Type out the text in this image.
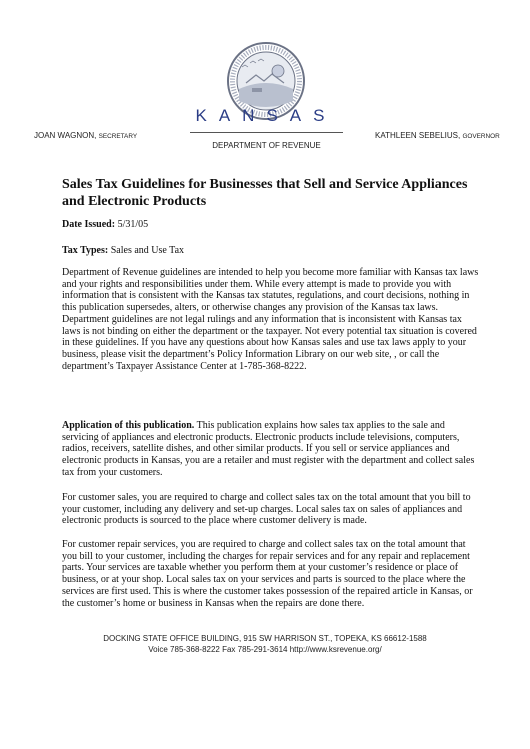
KANSAS
JOAN WAGNON, SECRETARY	KATHLEEN SEBELIUS, GOVERNOR
DEPARTMENT OF REVENUE
Sales Tax Guidelines for Businesses that Sell and Service Appliances and Electronic Products
Date Issued: 5/31/05
Tax Types: Sales and Use Tax

Department of Revenue guidelines are intended to help you become more familiar with Kansas tax laws and your rights and responsibilities under them. While every attempt is made to provide you with information that is consistent with the Kansas tax statutes, regulations, and court decisions, nothing in this publication supersedes, alters, or otherwise changes any provision of the Kansas tax laws. Department guidelines are not legal rulings and any information that is inconsistent with Kansas tax laws is not binding on either the department or the taxpayer. Not every potential tax situation is covered in these guidelines. If you have any questions about how Kansas sales and use tax laws apply to your business, please visit the department’s Policy Information Library on our web site, , or call the department’s Taxpayer Assistance Center at 1-785-368-8222.

Application of this publication. This publication explains how sales tax applies to the sale and servicing of appliances and electronic products. Electronic products include televisions, computers, radios, receivers, satellite dishes, and other similar products. If you sell or service appliances and electronic products in Kansas, you are a retailer and must register with the department and collect sales tax from your customers.

For customer sales, you are required to charge and collect sales tax on the total amount that you bill to your customer, including any delivery and set-up charges. Local sales tax on sales of appliances and electronic products is sourced to the place where customer delivery is made.

For customer repair services, you are required to charge and collect sales tax on the total amount that you bill to your customer, including the charges for repair services and for any repair and replacement parts. Your services are taxable whether you perform them at your customer’s residence or place of business, or at your shop. Local sales tax on your services and parts is sourced to the place where the services are first used. This is where the customer takes possession of the repaired article in Kansas, or the customer’s home or business in Kansas when the repairs are done there.

DOCKING STATE OFFICE BUILDING, 915 SW HARRISON ST., TOPEKA, KS 66612-1588
Voice 785-368-8222 Fax 785-291-3614 http://www.ksrevenue.org/
